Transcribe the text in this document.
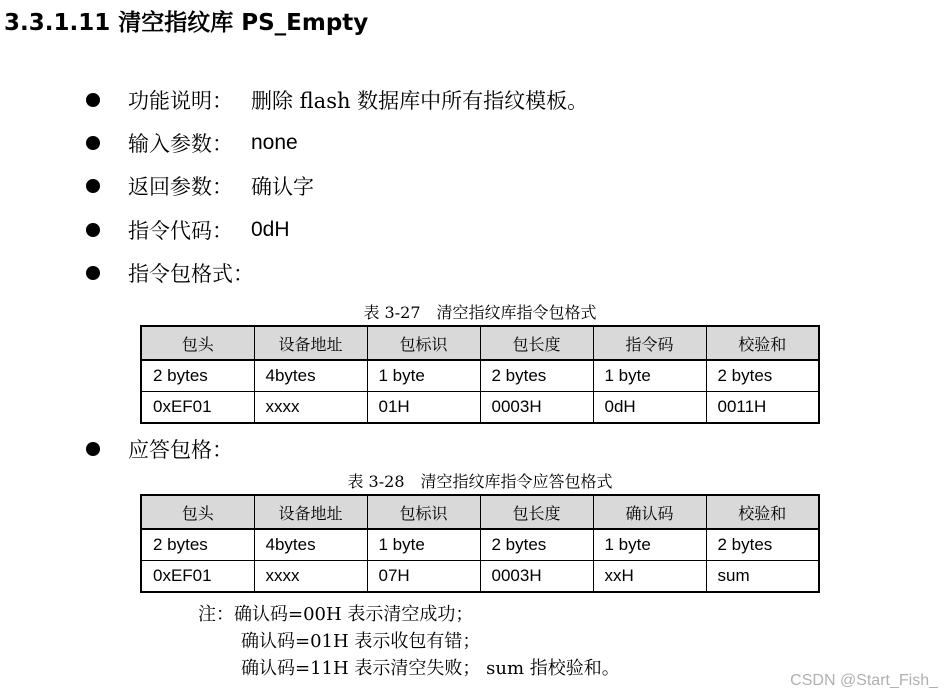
3.3.1.11 清空指纹库 PS_Empty
功能说明： 删除 flash 数据库中所有指纹模板。
输入参数： none
返回参数： 确认字
指令代码： 0dH
指令包格式：
表 3-27　清空指纹库指令包格式
包头	设备地址	包标识	包长度	指令码	校验和
2 bytes	4bytes	1 byte	2 bytes	1 byte	2 bytes
0xEF01	xxxx	01H	0003H	0dH	0011H
应答包格：
表 3-28　清空指纹库指令应答包格式
包头	设备地址	包标识	包长度	确认码	校验和
2 bytes	4bytes	1 byte	2 bytes	1 byte	2 bytes
0xEF01	xxxx	07H	0003H	xxH	sum
注：确认码=00H 表示清空成功；
确认码=01H 表示收包有错；
确认码=11H 表示清空失败； sum 指校验和。
CSDN @Start_Fish_
